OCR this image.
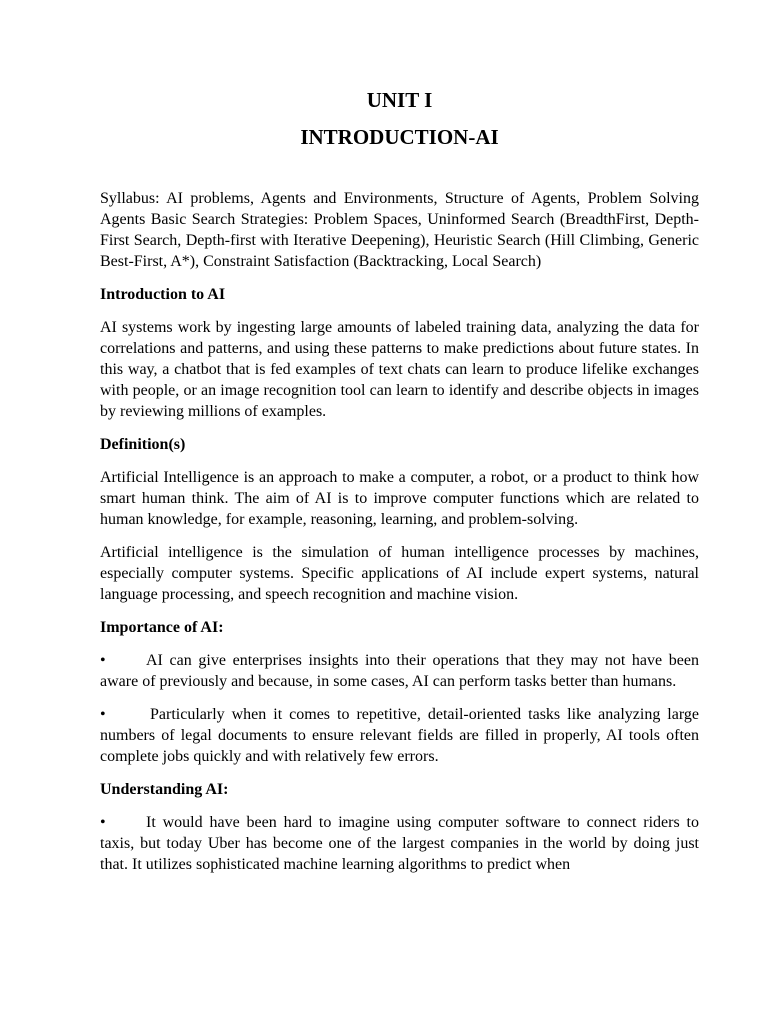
UNIT I
INTRODUCTION-AI

Syllabus: AI problems, Agents and Environments, Structure of Agents, Problem Solving Agents Basic Search Strategies: Problem Spaces, Uninformed Search (BreadthFirst, Depth-First Search, Depth-first with Iterative Deepening), Heuristic Search (Hill Climbing, Generic Best-First, A*), Constraint Satisfaction (Backtracking, Local Search)

Introduction to AI

AI systems work by ingesting large amounts of labeled training data, analyzing the data for correlations and patterns, and using these patterns to make predictions about future states. In this way, a chatbot that is fed examples of text chats can learn to produce lifelike exchanges with people, or an image recognition tool can learn to identify and describe objects in images by reviewing millions of examples.

Definition(s)

Artificial Intelligence is an approach to make a computer, a robot, or a product to think how smart human think. The aim of AI is to improve computer functions which are related to human knowledge, for example, reasoning, learning, and problem-solving.

Artificial intelligence is the simulation of human intelligence processes by machines, especially computer systems. Specific applications of AI include expert systems, natural language processing, and speech recognition and machine vision.

Importance of AI:

•	AI can give enterprises insights into their operations that they may not have been aware of previously and because, in some cases, AI can perform tasks better than humans.

•	Particularly when it comes to repetitive, detail-oriented tasks like analyzing large numbers of legal documents to ensure relevant fields are filled in properly, AI tools often complete jobs quickly and with relatively few errors.

Understanding AI:

•	It would have been hard to imagine using computer software to connect riders to taxis, but today Uber has become one of the largest companies in the world by doing just that. It utilizes sophisticated machine learning algorithms to predict when
